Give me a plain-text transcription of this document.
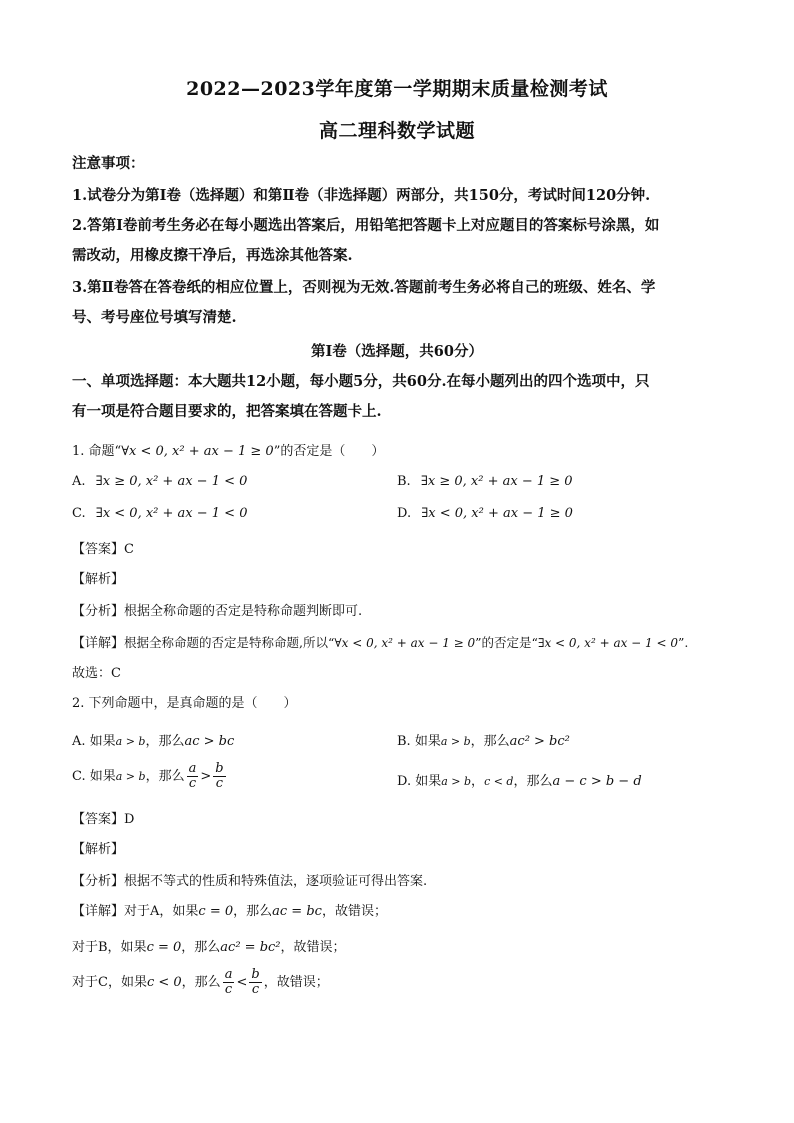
2022—2023学年度第一学期期末质量检测考试
高二理科数学试题
注意事项：
1.试卷分为第Ⅰ卷（选择题）和第Ⅱ卷（非选择题）两部分，共150分，考试时间120分钟.
2.答第Ⅰ卷前考生务必在每小题选出答案后，用铅笔把答题卡上对应题目的答案标号涂黑，如
需改动，用橡皮擦干净后，再选涂其他答案.
3.第Ⅱ卷答在答卷纸的相应位置上，否则视为无效.答题前考生务必将自己的班级、姓名、学
号、考号座位号填写清楚.
第Ⅰ卷（选择题，共60分）
一、单项选择题：本大题共12小题，每小题5分，共60分.在每小题列出的四个选项中，只
有一项是符合题目要求的，把答案填在答题卡上.
1. 命题“∀x < 0, x² + ax − 1 ≥ 0”的否定是（　　）
A. ∃x ≥ 0, x² + ax − 1 < 0	B. ∃x ≥ 0, x² + ax − 1 ≥ 0
C. ∃x < 0, x² + ax − 1 < 0	D. ∃x < 0, x² + ax − 1 ≥ 0
【答案】C
【解析】
【分析】根据全称命题的否定是特称命题判断即可.
【详解】根据全称命题的否定是特称命题,所以“∀x < 0, x² + ax − 1 ≥ 0”的否定是“∃x < 0, x² + ax − 1 < 0”.
故选：C
2. 下列命题中，是真命题的是（　　）
A. 如果a > b，那么ac > bc	B. 如果a > b，那么ac² > bc²
C. 如果a > b，那么 $\frac{a}{c} > \frac{b}{c}$	D. 如果a > b，c < d，那么a − c > b − d
【答案】D
【解析】
【分析】根据不等式的性质和特殊值法，逐项验证可得出答案.
【详解】对于A，如果c = 0，那么ac = bc，故错误；
对于B，如果c = 0，那么ac² = bc²，故错误；
对于C，如果c < 0，那么 $\frac{a}{c} < \frac{b}{c}$ ，故错误；
